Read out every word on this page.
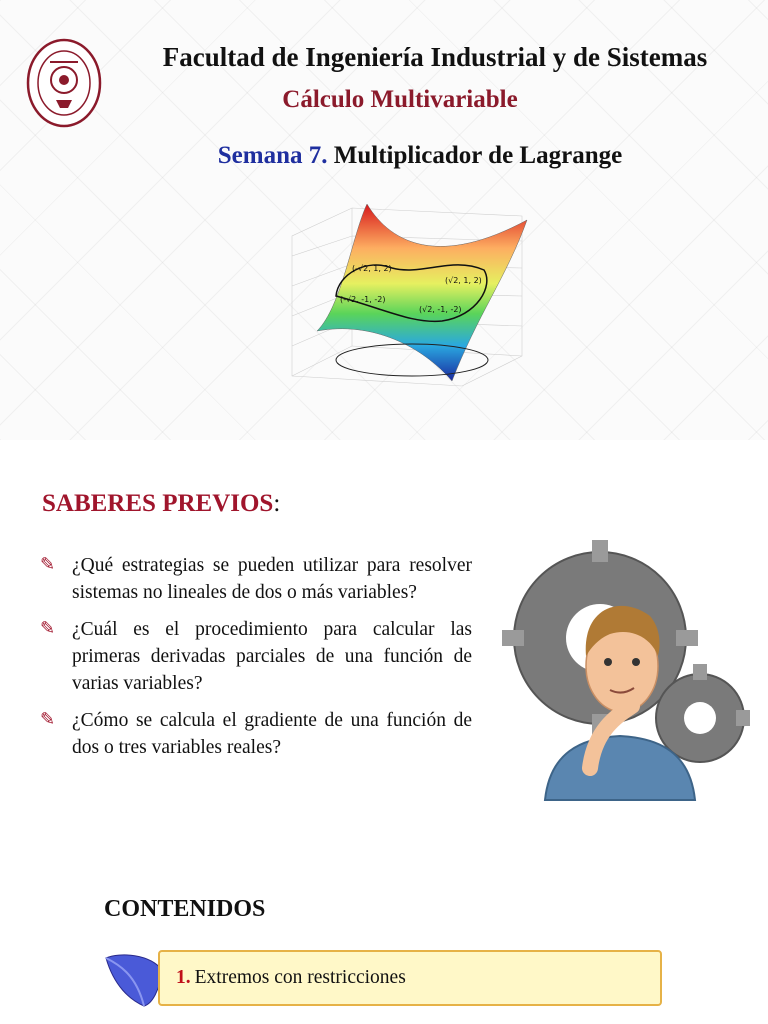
Facultad de Ingeniería Industrial y de Sistemas
Cálculo Multivariable
Semana 7. Multiplicador de Lagrange
(-√2, 1, 2)
(√2, 1, 2)
(-√2, -1, -2)
(√2, -1, -2)
SABERES PREVIOS:
✎ ¿Qué estrategias se pueden utilizar para resolver sistemas no lineales de dos o más variables?
✎ ¿Cuál es el procedimiento para calcular las primeras derivadas parciales de una función de varias variables?
✎ ¿Cómo se calcula el gradiente de una función de dos o tres variables reales?
CONTENIDOS
1. Extremos con restricciones
